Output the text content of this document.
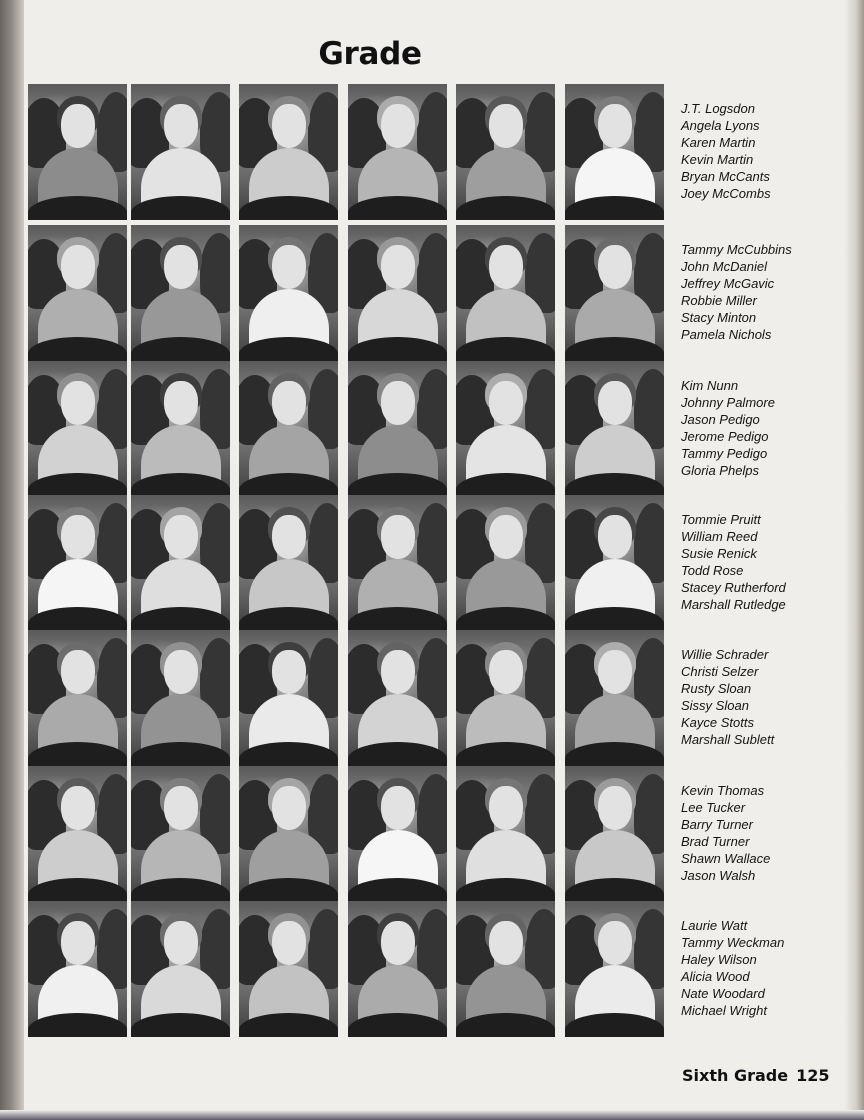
Grade
J.T. Logsdon
Angela Lyons
Karen Martin
Kevin Martin
Bryan McCants
Joey McCombs
Tammy McCubbins
John McDaniel
Jeffrey McGavic
Robbie Miller
Stacy Minton
Pamela Nichols
Kim Nunn
Johnny Palmore
Jason Pedigo
Jerome Pedigo
Tammy Pedigo
Gloria Phelps
Tommie Pruitt
William Reed
Susie Renick
Todd Rose
Stacey Rutherford
Marshall Rutledge
Willie Schrader
Christi Selzer
Rusty Sloan
Sissy Sloan
Kayce Stotts
Marshall Sublett
Kevin Thomas
Lee Tucker
Barry Turner
Brad Turner
Shawn Wallace
Jason Walsh
Laurie Watt
Tammy Weckman
Haley Wilson
Alicia Wood
Nate Woodard
Michael Wright
Sixth Grade 125
